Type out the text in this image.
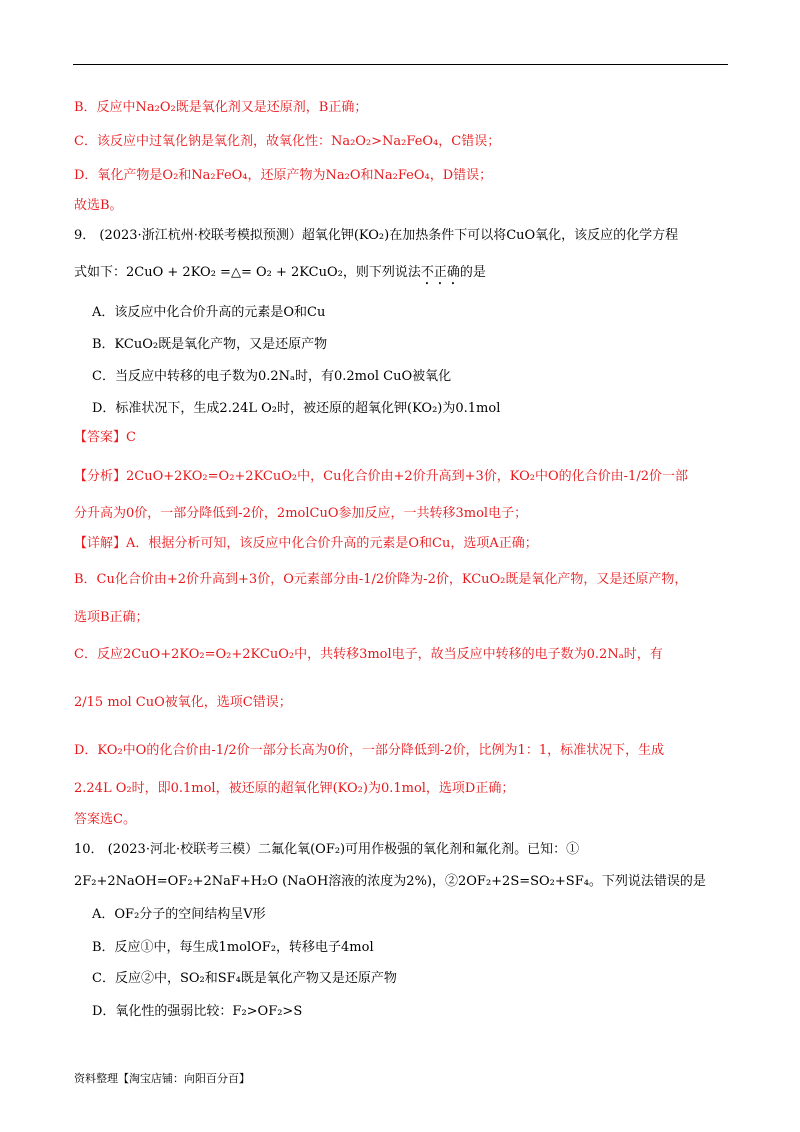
B．反应中Na₂O₂既是氧化剂又是还原剂，B正确；
C．该反应中过氧化钠是氧化剂，故氧化性：Na₂O₂>Na₂FeO₄，C错误；
D．氧化产物是O₂和Na₂FeO₄，还原产物为Na₂O和Na₂FeO₄，D错误；
故选B。
9． (2023·浙江杭州·校联考模拟预测）超氧化钾(KO₂)在加热条件下可以将CuO氧化，该反应的化学方程
式如下：2CuO + 2KO₂ =△= O₂ + 2KCuO₂，则下列说法不正确的是
A．该反应中化合价升高的元素是O和Cu
B．KCuO₂既是氧化产物，又是还原产物
C．当反应中转移的电子数为0.2Nₐ时，有0.2mol CuO被氧化
D．标准状况下，生成2.24L O₂时，被还原的超氧化钾(KO₂)为0.1mol
【答案】C
【分析】2CuO+2KO₂=O₂+2KCuO₂中，Cu化合价由+2价升高到+3价，KO₂中O的化合价由-1/2价一部
分升高为0价，一部分降低到-2价，2molCuO参加反应，一共转移3mol电子；
【详解】A．根据分析可知，该反应中化合价升高的元素是O和Cu，选项A正确；
B．Cu化合价由+2价升高到+3价，O元素部分由-1/2价降为-2价，KCuO₂既是氧化产物，又是还原产物，
选项B正确；
C．反应2CuO+2KO₂=O₂+2KCuO₂中，共转移3mol电子，故当反应中转移的电子数为0.2Nₐ时，有
2/15 mol CuO被氧化，选项C错误；
D．KO₂中O的化合价由-1/2价一部分长高为0价，一部分降低到-2价，比例为1：1，标准状况下，生成
2.24L O₂时，即0.1mol，被还原的超氧化钾(KO₂)为0.1mol，选项D正确；
答案选C。
10． (2023·河北·校联考三模）二氟化氧(OF₂)可用作极强的氧化剂和氟化剂。已知：①
2F₂+2NaOH=OF₂+2NaF+H₂O (NaOH溶液的浓度为2%)，②2OF₂+2S=SO₂+SF₄。下列说法错误的是
A．OF₂分子的空间结构呈V形
B．反应①中，每生成1molOF₂，转移电子4mol
C．反应②中，SO₂和SF₄既是氧化产物又是还原产物
D．氧化性的强弱比较：F₂>OF₂>S
资料整理【淘宝店铺：向阳百分百】
